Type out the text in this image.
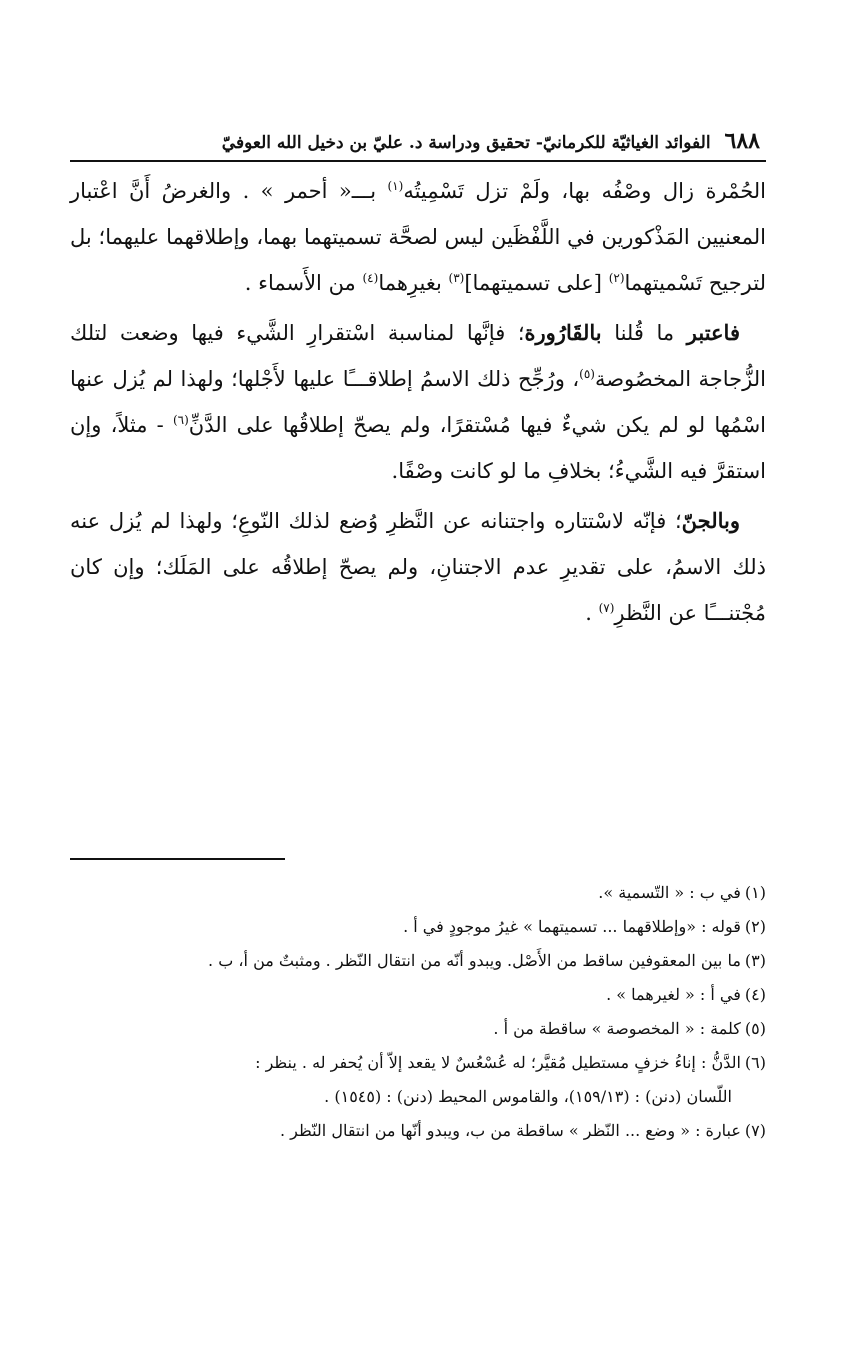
٦٨٨
الفوائد الغياثيّة للكرمانيّ- تحقيق ودراسة د. عليّ بن دخيل الله العوفيّ

الحُمْرة زال وصْفُه بها، ولَمْ تزل تَسْمِيتُه$^{(١)}$ بـــ« أحمر » . والغرضُ أَنَّ اعْتبار المعنيين المَذْكورين في اللَّفْظَين ليس لصحَّة تسميتهما بهما، وإطلاقهما عليهما؛ بل لترجيح تَسْميتهما$^{(٢)}$ [على تسميتهما]$^{(٣)}$ بغيرِهما$^{(٤)}$ من الأَسماء .

فاعتبر ما قُلنا بالقَارُورة؛ فإنَّها لمناسبة اسْتقرارِ الشَّيء فيها وضعت لتلك الزُّجاجة المخصُوصة$^{(٥)}$، ورُجِّح ذلك الاسمُ إطلاقـــًا عليها لأَجْلها؛ ولهذا لم يُزل عنها اسْمُها لو لم يكن شيءٌ فيها مُسْتقرًا، ولم يصحّ إطلاقُها على الدَّنِّ$^{(٦)}$ - مثلاً، وإن استقرَّ فيه الشَّيءُ؛ بخلافِ ما لو كانت وصْفًا.

وبالجنّ؛ فإنّه لاسْتتاره واجتنانه عن النَّظرِ وُضع لذلك النّوعِ؛ ولهذا لم يُزل عنه ذلك الاسمُ، على تقديرِ عدم الاجتنانِ، ولم يصحّ إطلاقُه على المَلَك؛ وإن كان مُجْتنـــًا عن النَّظرِ$^{(٧)}$ .

(١)في ب : « التّسمية ».

(٢)قوله : «وإطلاقهما ... تسميتهما » غيرُ موجودٍ في أ .

(٣)ما بين المعقوفين ساقط من الأَصْل. ويبدو أنّه من انتقال النّظر . ومثبتٌ من أ، ب .

(٤)في أ : « لغيرهما » .

(٥)كلمة : « المخصوصة » ساقطة من أ .

(٦)الدَّنُّ : إناءُ خزفٍ مستطيل مُقيَّر؛ له عُسْعُسٌ لا يقعد إلاّ أن يُحفر له . ينظر :

اللّسان (دنن) : (١٥٩/١٣)، والقاموس المحيط (دنن) : (١٥٤٥) .

(٧)عبارة : « وضع ... النّظر » ساقطة من ب، ويبدو أنّها من انتقال النّظر .
